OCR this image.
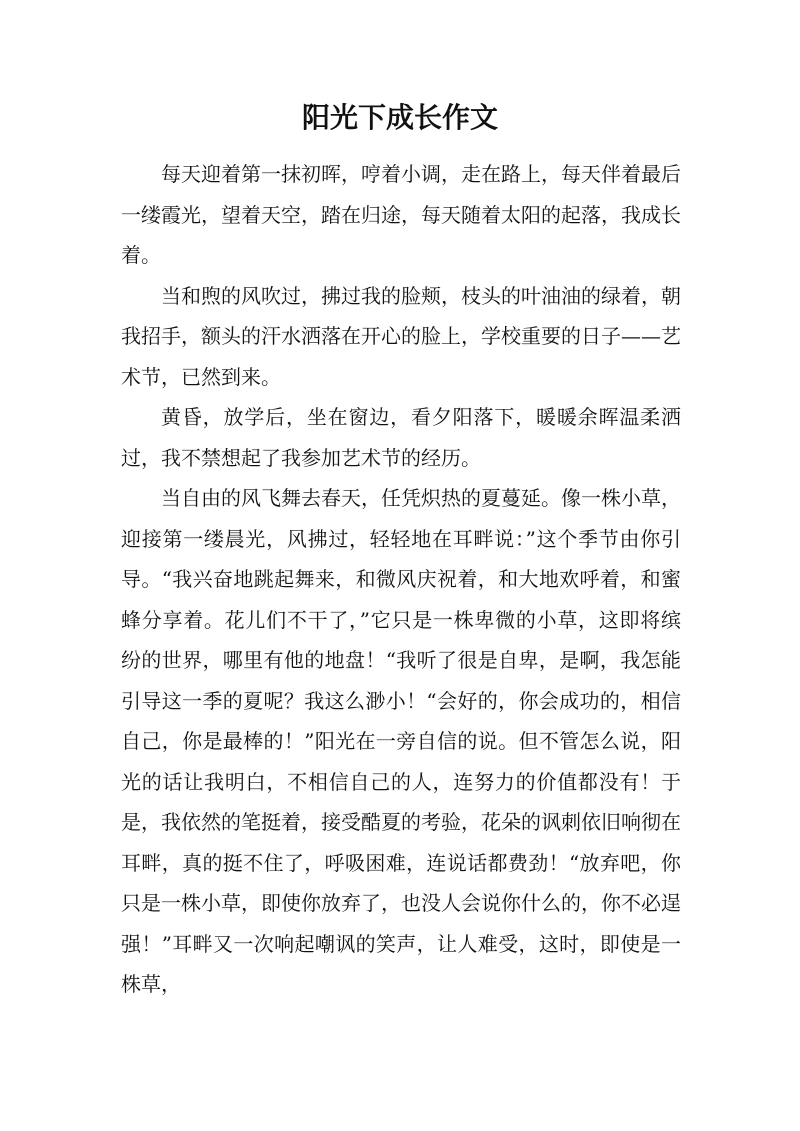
阳光下成长作文

每天迎着第一抹初晖，哼着小调，走在路上，每天伴着最后一缕霞光，望着天空，踏在归途，每天随着太阳的起落，我成长着。

当和煦的风吹过，拂过我的脸颊，枝头的叶油油的绿着，朝我招手，额头的汗水洒落在开心的脸上，学校重要的日子——艺术节，已然到来。

黄昏，放学后，坐在窗边，看夕阳落下，暖暖余晖温柔洒过，我不禁想起了我参加艺术节的经历。

当自由的风飞舞去春天，任凭炽热的夏蔓延。像一株小草，迎接第一缕晨光，风拂过，轻轻地在耳畔说：”这个季节由你引导。“我兴奋地跳起舞来，和微风庆祝着，和大地欢呼着，和蜜蜂分享着。花儿们不干了，”它只是一株卑微的小草，这即将缤纷的世界，哪里有他的地盘！“我听了很是自卑，是啊，我怎能引导这一季的夏呢？我这么渺小！“会好的，你会成功的，相信自己，你是最棒的！”阳光在一旁自信的说。但不管怎么说，阳光的话让我明白，不相信自己的人，连努力的价值都没有！于是，我依然的笔挺着，接受酷夏的考验，花朵的讽刺依旧响彻在耳畔，真的挺不住了，呼吸困难，连说话都费劲！“放弃吧，你只是一株小草，即使你放弃了，也没人会说你什么的，你不必逞强！”耳畔又一次响起嘲讽的笑声，让人难受，这时，即使是一株草，
